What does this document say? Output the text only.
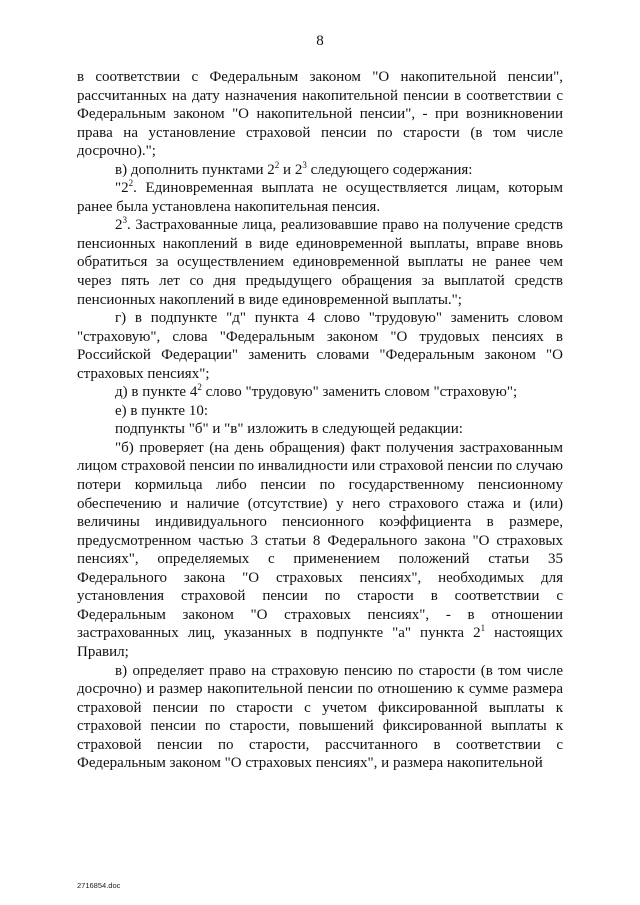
8

в соответствии с Федеральным законом "О накопительной пенсии", рассчитанных на дату назначения накопительной пенсии в соответствии с Федеральным законом "О накопительной пенсии", - при возникновении права на установление страховой пенсии по старости (в том числе досрочно).";

в) дополнить пунктами $2^2$ и $2^3$ следующего содержания:

"$2^2$. Единовременная выплата не осуществляется лицам, которым ранее была установлена накопительная пенсия.

$2^3$. Застрахованные лица, реализовавшие право на получение средств пенсионных накоплений в виде единовременной выплаты, вправе вновь обратиться за осуществлением единовременной выплаты не ранее чем через пять лет со дня предыдущего обращения за выплатой средств пенсионных накоплений в виде единовременной выплаты.";

г) в подпункте "д" пункта 4 слово "трудовую" заменить словом "страховую", слова "Федеральным законом "О трудовых пенсиях в Российской Федерации" заменить словами "Федеральным законом "О страховых пенсиях";

д) в пункте $4^2$ слово "трудовую" заменить словом "страховую";

е) в пункте 10:

подпункты "б" и "в" изложить в следующей редакции:

"б) проверяет (на день обращения) факт получения застрахованным лицом страховой пенсии по инвалидности или страховой пенсии по случаю потери кормильца либо пенсии по государственному пенсионному обеспечению и наличие (отсутствие) у него страхового стажа и (или) величины индивидуального пенсионного коэффициента в размере, предусмотренном частью 3 статьи 8 Федерального закона "О страховых пенсиях", определяемых с применением положений статьи 35 Федерального закона "О страховых пенсиях", необходимых для установления страховой пенсии по старости в соответствии с Федеральным законом "О страховых пенсиях", - в отношении застрахованных лиц, указанных в подпункте "а" пункта $2^1$ настоящих Правил;

в) определяет право на страховую пенсию по старости (в том числе досрочно) и размер накопительной пенсии по отношению к сумме размера страховой пенсии по старости с учетом фиксированной выплаты к страховой пенсии по старости, повышений фиксированной выплаты к страховой пенсии по старости, рассчитанного в соответствии с Федеральным законом "О страховых пенсиях", и размера накопительной

2716854.doc
